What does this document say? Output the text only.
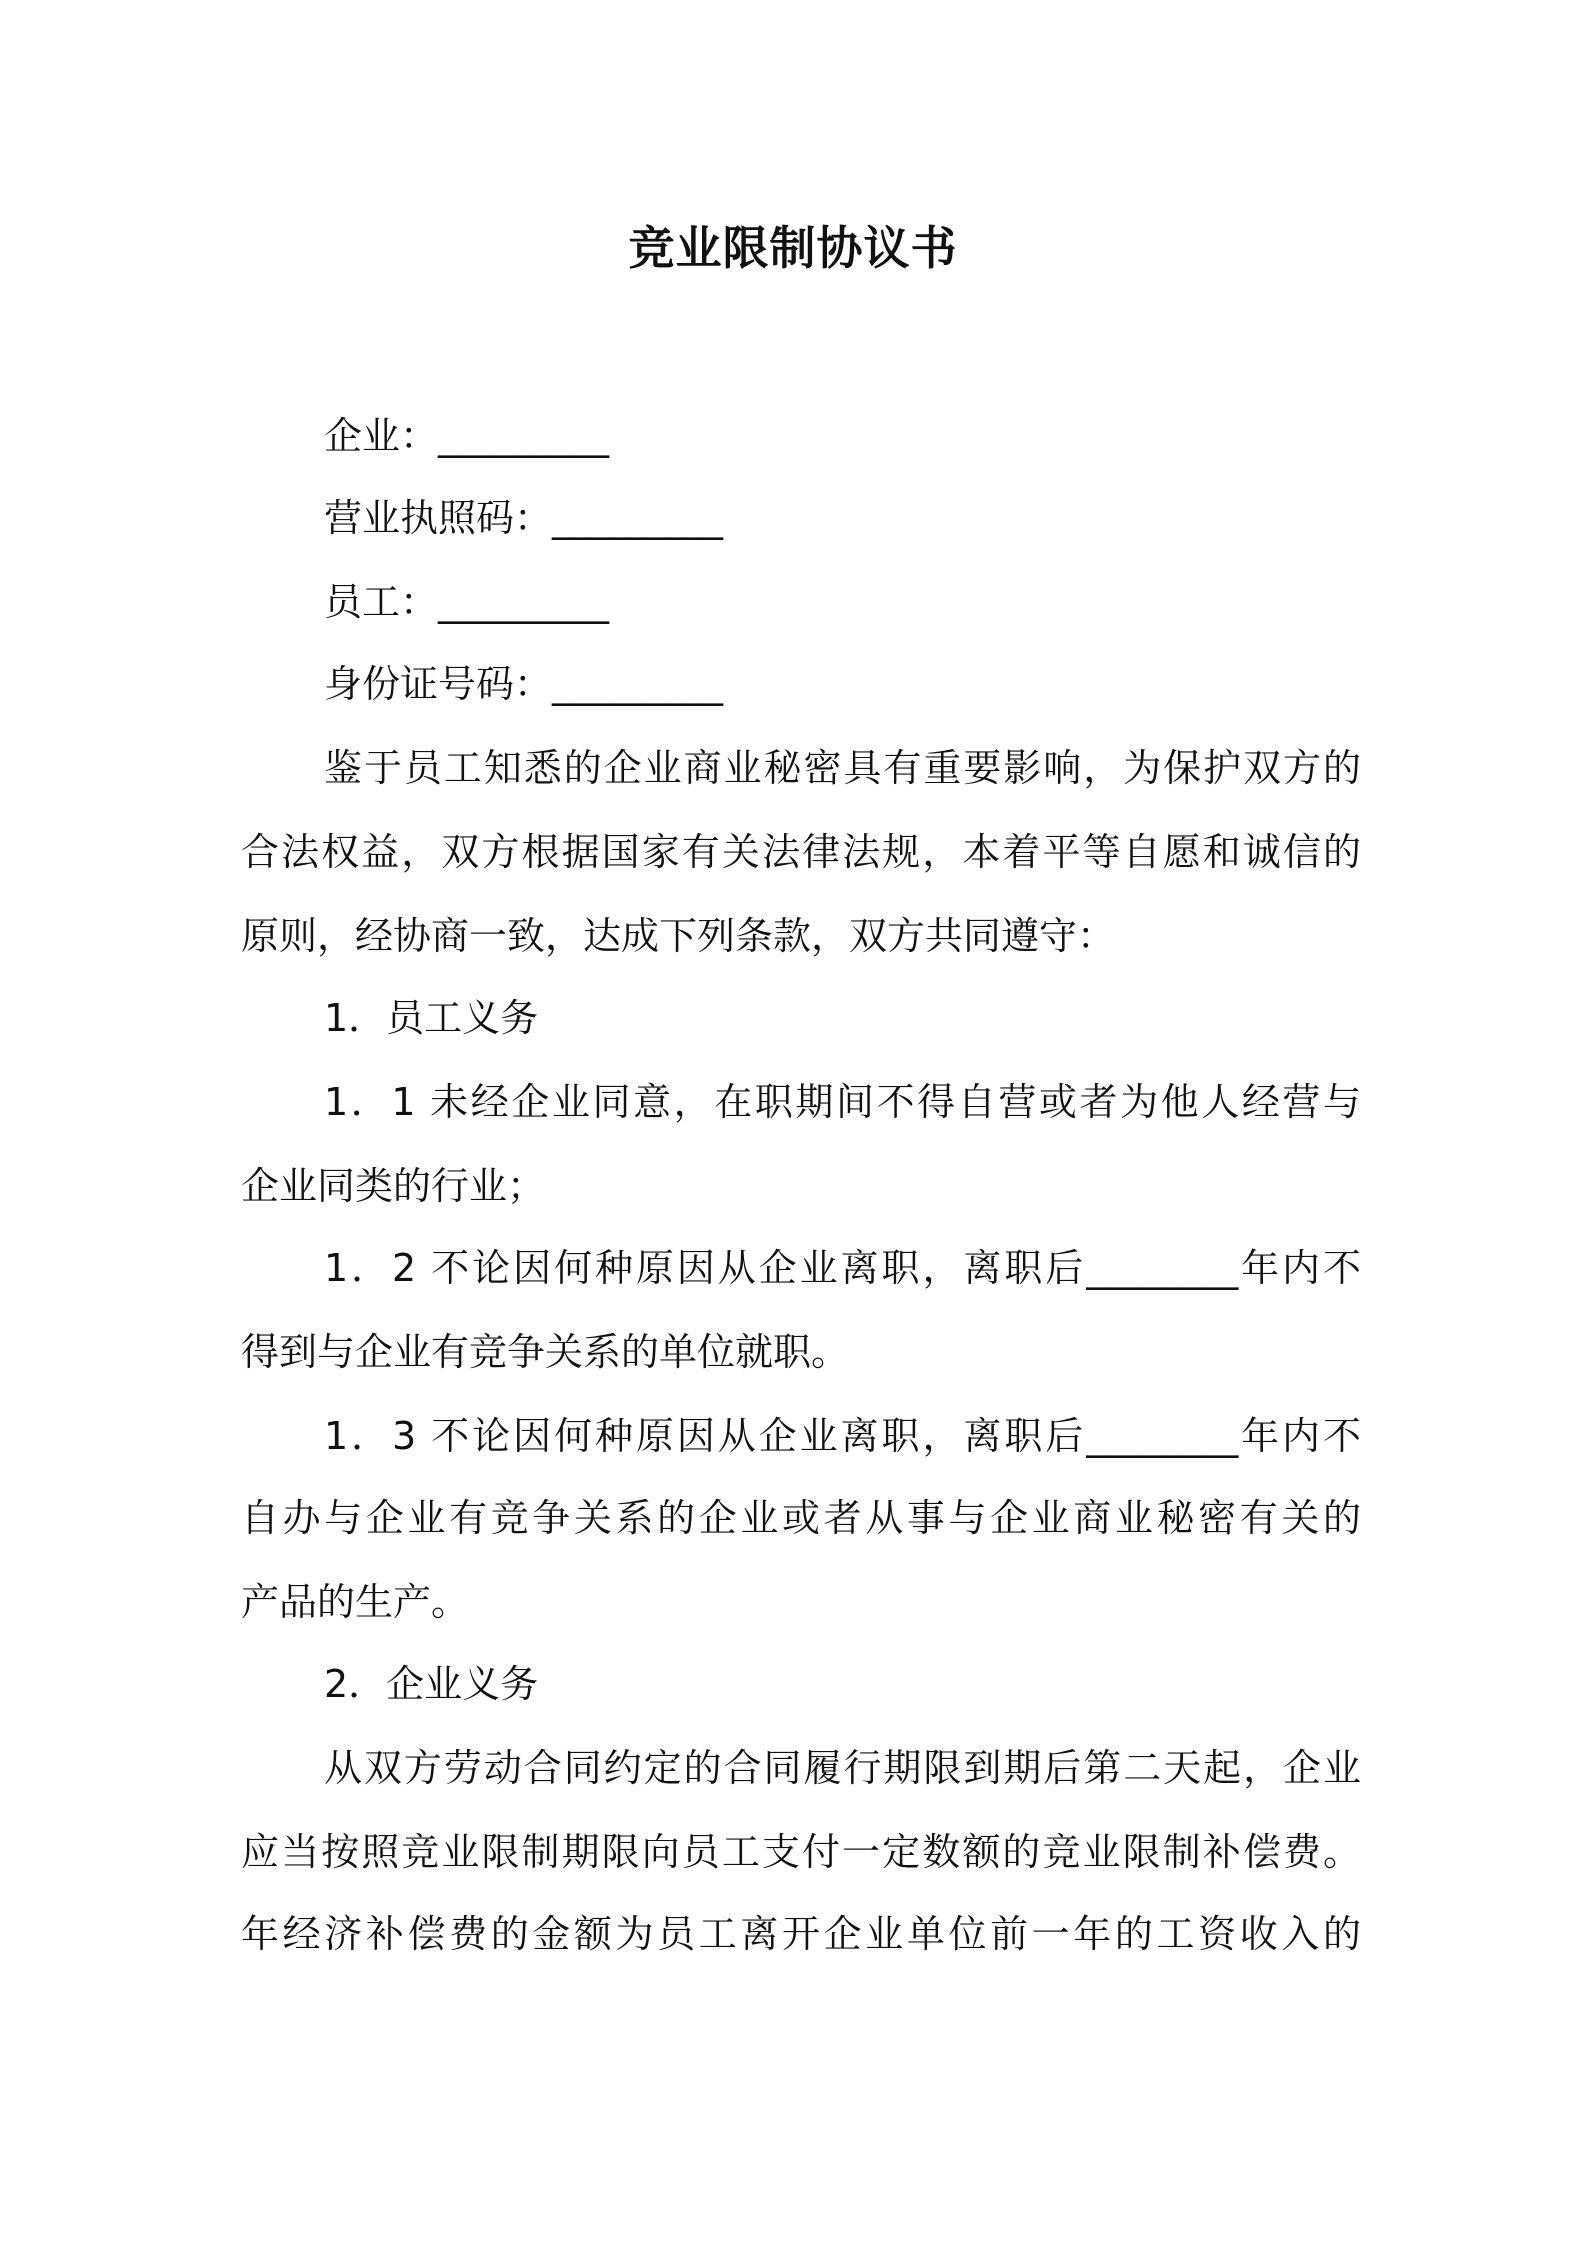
竞业限制协议书
企业：_________
营业执照码：_________
员工：_________
身份证号码：_________

鉴于员工知悉的企业商业秘密具有重要影响，为保护双方的

合法权益，双方根据国家有关法律法规，本着平等自愿和诚信的

原则，经协商一致，达成下列条款，双方共同遵守：

1．员工义务

1．1 未经企业同意，在职期间不得自营或者为他人经营与

企业同类的行业；

1．2 不论因何种原因从企业离职，离职后________年内不

得到与企业有竞争关系的单位就职。

1．3 不论因何种原因从企业离职，离职后________年内不

自办与企业有竞争关系的企业或者从事与企业商业秘密有关的

产品的生产。

2．企业义务

从双方劳动合同约定的合同履行期限到期后第二天起，企业

应当按照竞业限制期限向员工支付一定数额的竞业限制补偿费。

年经济补偿费的金额为员工离开企业单位前一年的工资收入的
